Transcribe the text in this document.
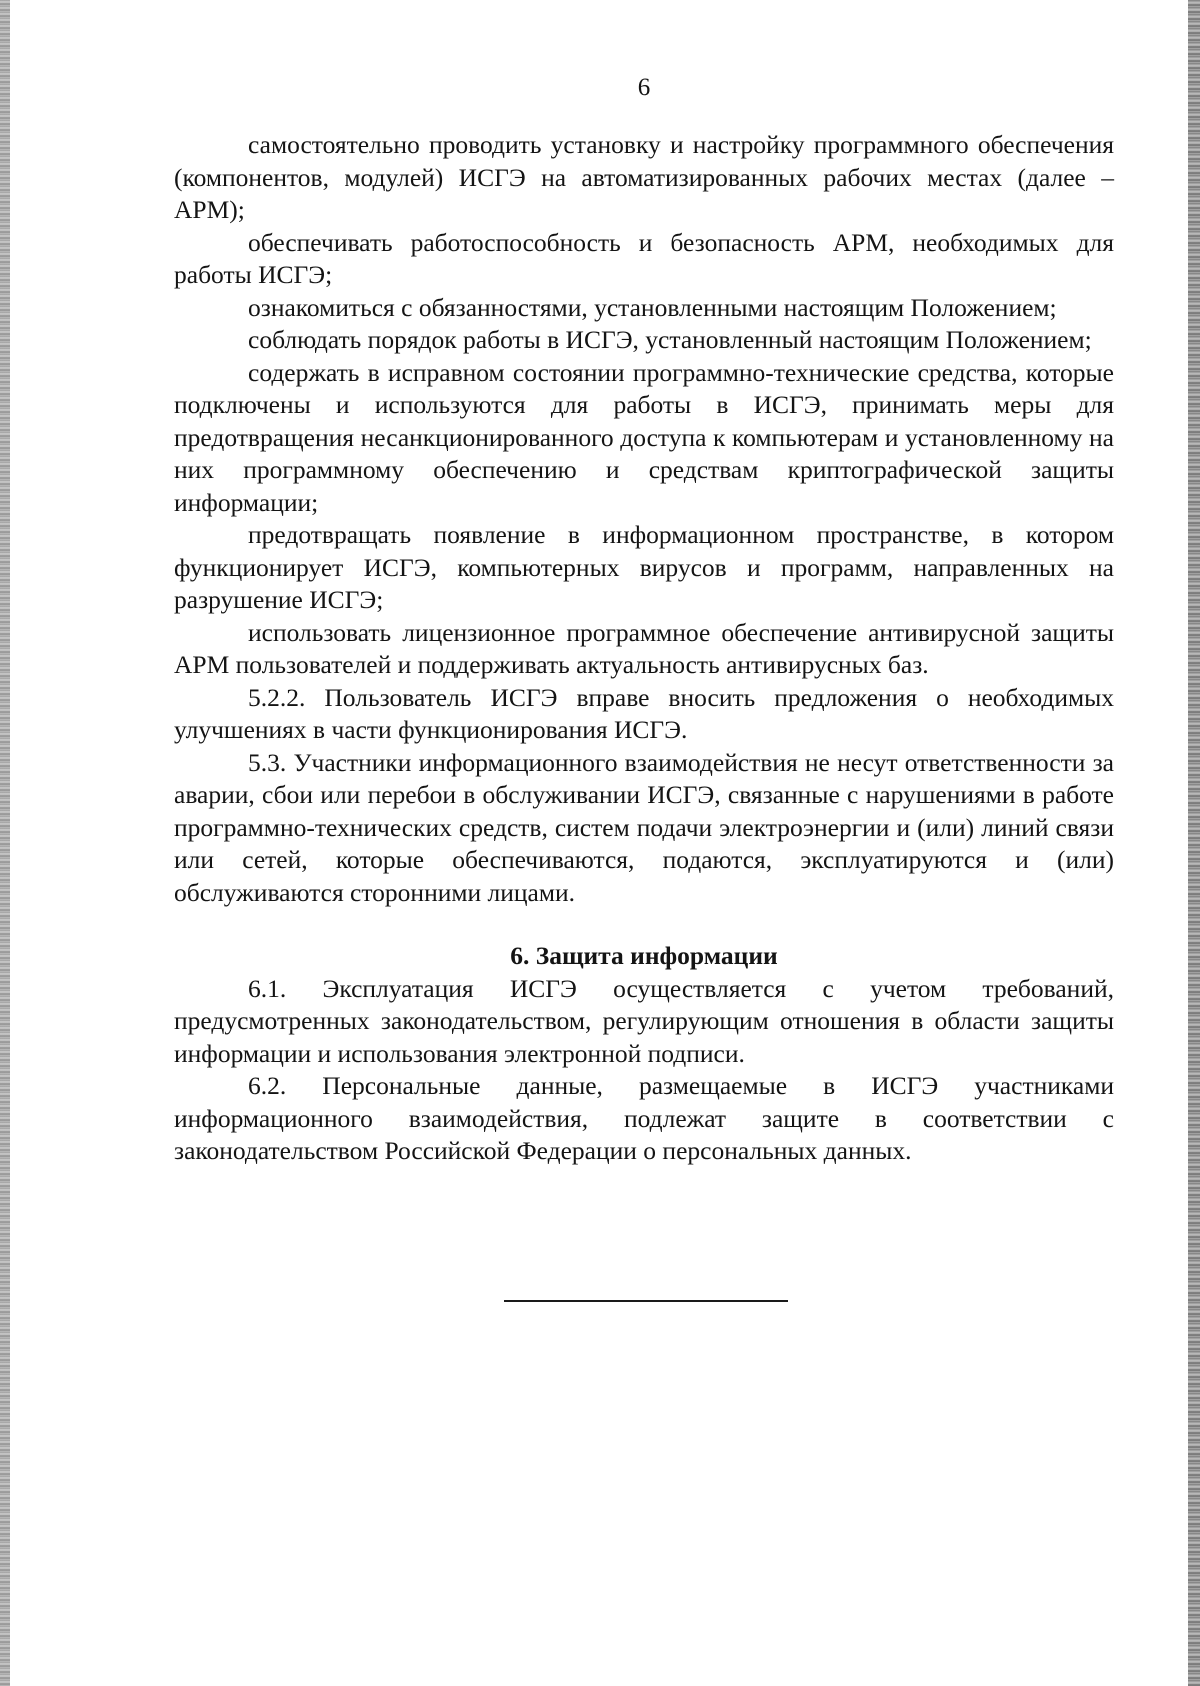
6

самостоятельно проводить установку и настройку программного обеспечения (компонентов, модулей) ИСГЭ на автоматизированных рабочих местах (далее – АРМ);

обеспечивать работоспособность и безопасность АРМ, необходимых для работы ИСГЭ;

ознакомиться с обязанностями, установленными настоящим Положением;

соблюдать порядок работы в ИСГЭ, установленный настоящим Положением;

содержать в исправном состоянии программно-технические средства, которые подключены и используются для работы в ИСГЭ, принимать меры для предотвращения несанкционированного доступа к компьютерам и установленному на них программному обеспечению и средствам криптографической защиты информации;

предотвращать появление в информационном пространстве, в котором функционирует ИСГЭ, компьютерных вирусов и программ, направленных на разрушение ИСГЭ;

использовать лицензионное программное обеспечение антивирусной защиты АРМ пользователей и поддерживать актуальность антивирусных баз.

5.2.2. Пользователь ИСГЭ вправе вносить предложения о необходимых улучшениях в части функционирования ИСГЭ.

5.3. Участники информационного взаимодействия не несут ответственности за аварии, сбои или перебои в обслуживании ИСГЭ, связанные с нарушениями в работе программно-технических средств, систем подачи электроэнергии и (или) линий связи или сетей, которые обеспечиваются, подаются, эксплуатируются и (или) обслуживаются сторонними лицами.

6. Защита информации

6.1. Эксплуатация ИСГЭ осуществляется с учетом требований, предусмотренных законодательством, регулирующим отношения в области защиты информации и использования электронной подписи.

6.2. Персональные данные, размещаемые в ИСГЭ участниками информационного взаимодействия, подлежат защите в соответствии с законодательством Российской Федерации о персональных данных.
